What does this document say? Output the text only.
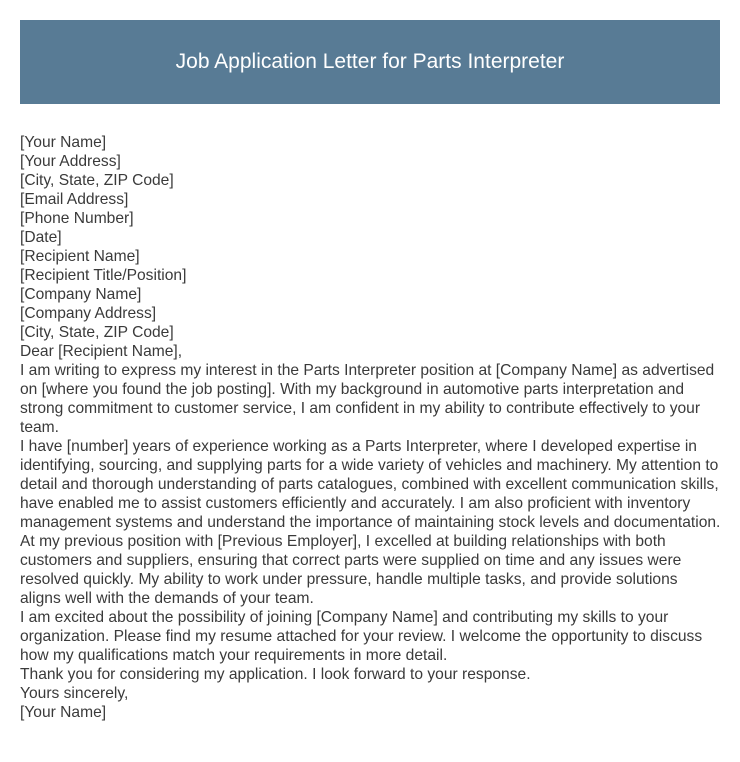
Job Application Letter for Parts Interpreter
[Your Name]
[Your Address]
[City, State, ZIP Code]
[Email Address]
[Phone Number]
[Date]
[Recipient Name]
[Recipient Title/Position]
[Company Name]
[Company Address]
[City, State, ZIP Code]
Dear [Recipient Name],
I am writing to express my interest in the Parts Interpreter position at [Company Name] as advertised on [where you found the job posting]. With my background in automotive parts interpretation and strong commitment to customer service, I am confident in my ability to contribute effectively to your team.
I have [number] years of experience working as a Parts Interpreter, where I developed expertise in identifying, sourcing, and supplying parts for a wide variety of vehicles and machinery. My attention to detail and thorough understanding of parts catalogues, combined with excellent communication skills, have enabled me to assist customers efficiently and accurately. I am also proficient with inventory management systems and understand the importance of maintaining stock levels and documentation.
At my previous position with [Previous Employer], I excelled at building relationships with both customers and suppliers, ensuring that correct parts were supplied on time and any issues were resolved quickly. My ability to work under pressure, handle multiple tasks, and provide solutions aligns well with the demands of your team.
I am excited about the possibility of joining [Company Name] and contributing my skills to your organization. Please find my resume attached for your review. I welcome the opportunity to discuss how my qualifications match your requirements in more detail.
Thank you for considering my application. I look forward to your response.
Yours sincerely,
[Your Name]
